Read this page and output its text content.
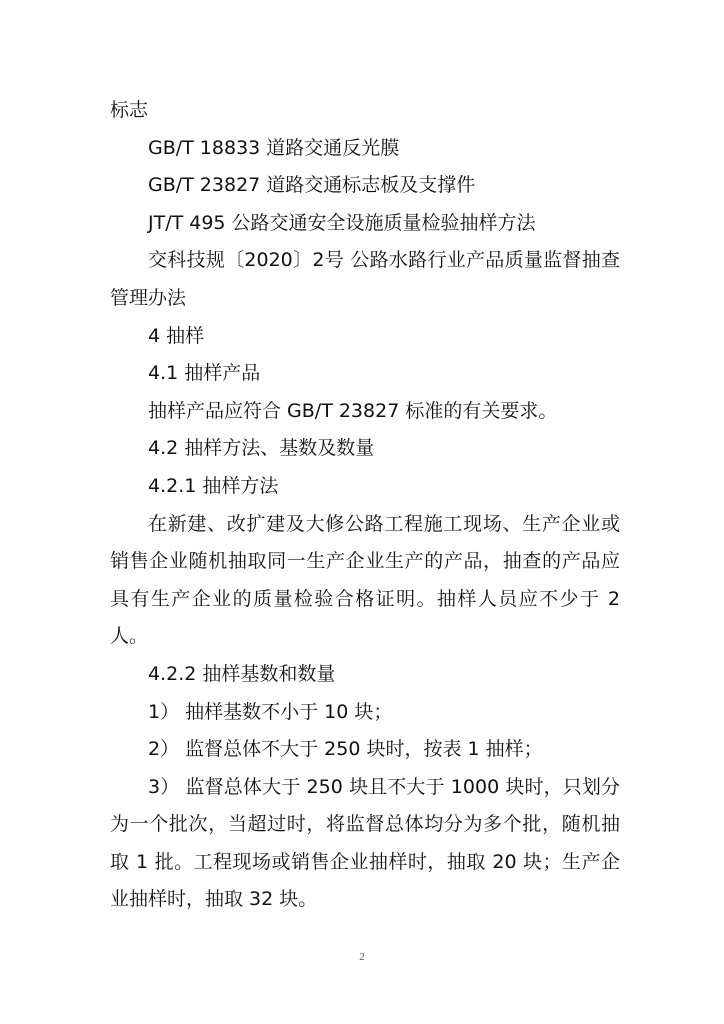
标志

GB/T 18833 道路交通反光膜

GB/T 23827 道路交通标志板及支撑件

JT/T 495 公路交通安全设施质量检验抽样方法

交科技规〔2020〕2号 公路水路行业产品质量监督抽查管理办法

4 抽样

4.1 抽样产品

抽样产品应符合 GB/T 23827 标准的有关要求。

4.2 抽样方法、基数及数量

4.2.1 抽样方法

在新建、改扩建及大修公路工程施工现场、生产企业或销售企业随机抽取同一生产企业生产的产品，抽查的产品应具有生产企业的质量检验合格证明。抽样人员应不少于 2 人。

4.2.2 抽样基数和数量

1） 抽样基数不小于 10 块；

2） 监督总体不大于 250 块时，按表 1 抽样；

3） 监督总体大于 250 块且不大于 1000 块时，只划分为一个批次，当超过时，将监督总体均分为多个批，随机抽取 1 批。工程现场或销售企业抽样时，抽取 20 块；生产企业抽样时，抽取 32 块。

2
